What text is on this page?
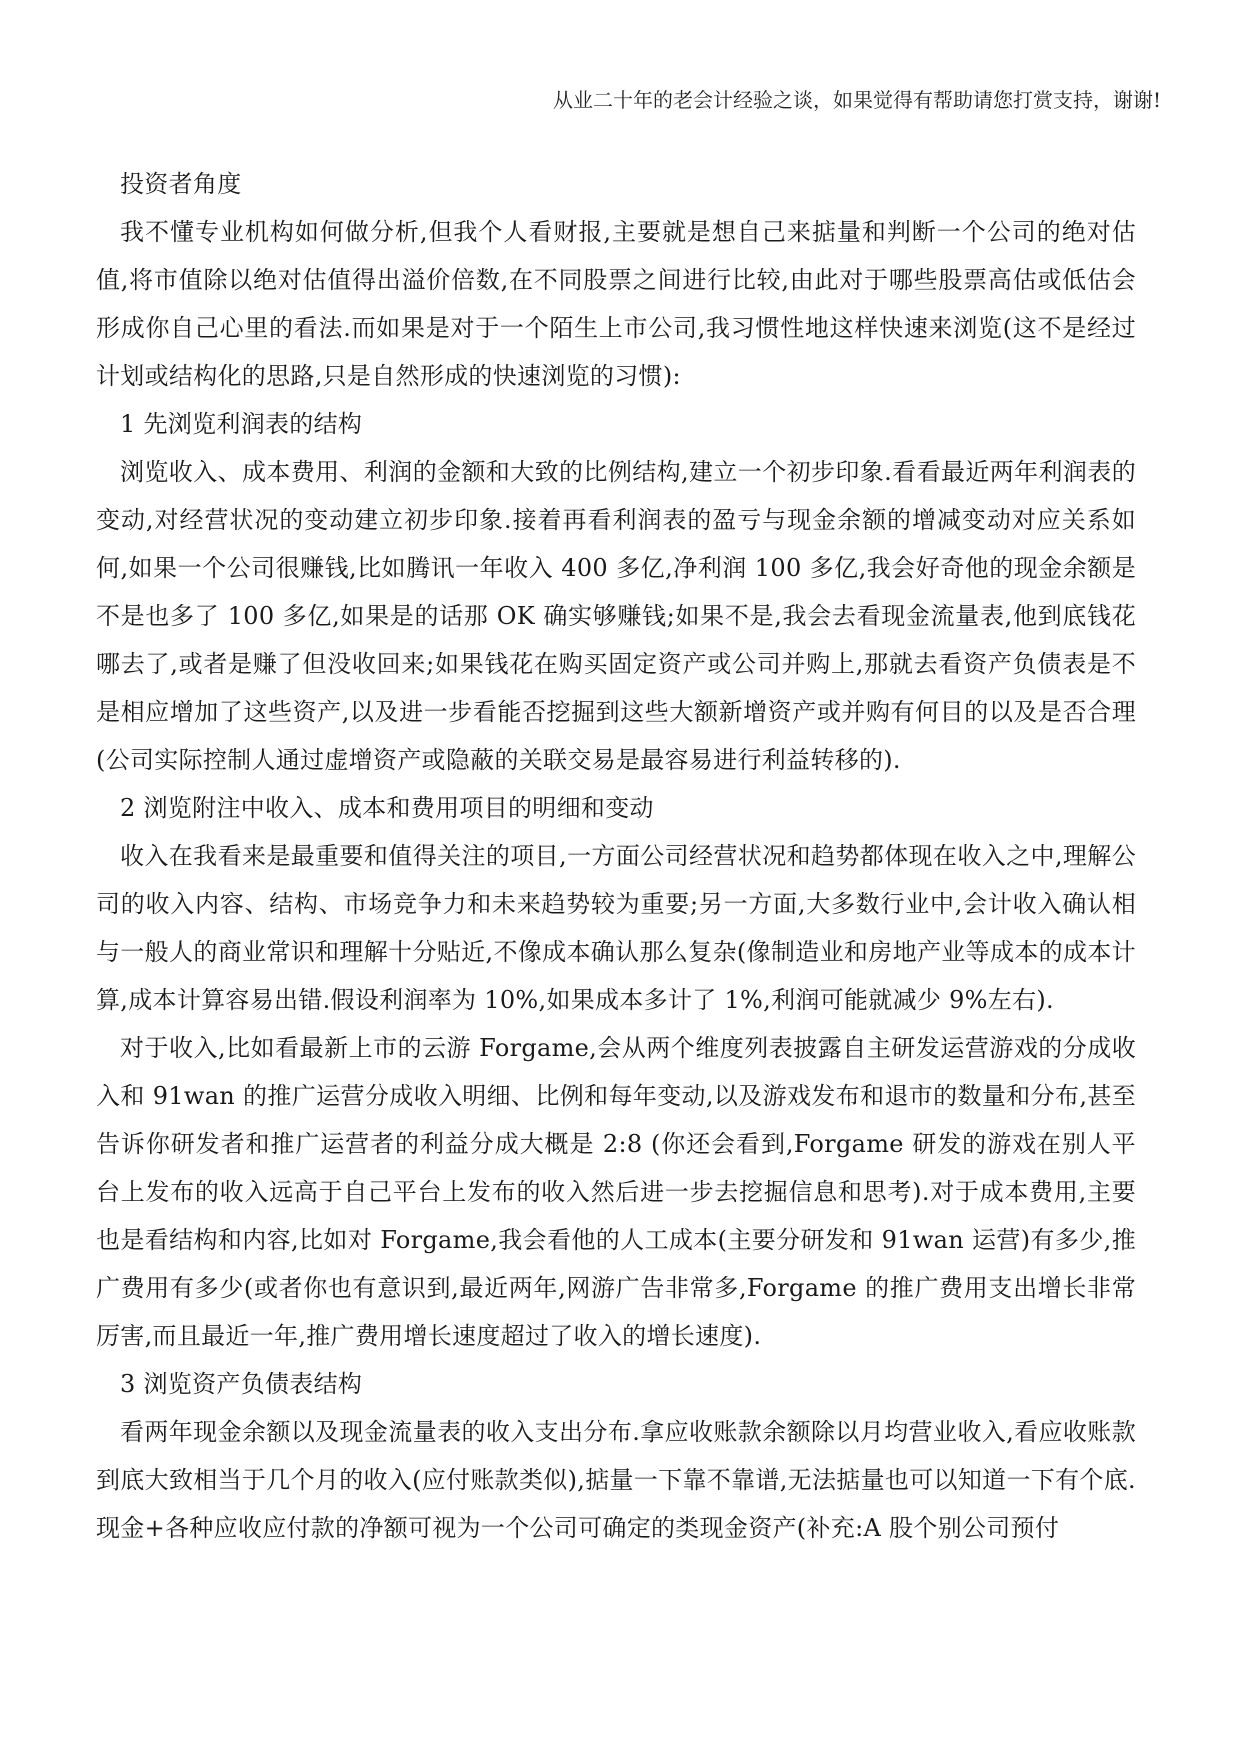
从业二十年的老会计经验之谈，如果觉得有帮助请您打赏支持，谢谢!

投资者角度

我不懂专业机构如何做分析,但我个人看财报,主要就是想自己来掂量和判断一个公司的绝对估值,将市值除以绝对估值得出溢价倍数,在不同股票之间进行比较,由此对于哪些股票高估或低估会形成你自己心里的看法.而如果是对于一个陌生上市公司,我习惯性地这样快速来浏览(这不是经过计划或结构化的思路,只是自然形成的快速浏览的习惯):

1 先浏览利润表的结构

浏览收入、成本费用、利润的金额和大致的比例结构,建立一个初步印象.看看最近两年利润表的变动,对经营状况的变动建立初步印象.接着再看利润表的盈亏与现金余额的增减变动对应关系如何,如果一个公司很赚钱,比如腾讯一年收入 400 多亿,净利润 100 多亿,我会好奇他的现金余额是不是也多了 100 多亿,如果是的话那 OK 确实够赚钱;如果不是,我会去看现金流量表,他到底钱花哪去了,或者是赚了但没收回来;如果钱花在购买固定资产或公司并购上,那就去看资产负债表是不是相应增加了这些资产,以及进一步看能否挖掘到这些大额新增资产或并购有何目的以及是否合理(公司实际控制人通过虚增资产或隐蔽的关联交易是最容易进行利益转移的).

2 浏览附注中收入、成本和费用项目的明细和变动

收入在我看来是最重要和值得关注的项目,一方面公司经营状况和趋势都体现在收入之中,理解公司的收入内容、结构、市场竞争力和未来趋势较为重要;另一方面,大多数行业中,会计收入确认相与一般人的商业常识和理解十分贴近,不像成本确认那么复杂(像制造业和房地产业等成本的成本计算,成本计算容易出错.假设利润率为 10%,如果成本多计了 1%,利润可能就减少 9%左右).

对于收入,比如看最新上市的云游 Forgame,会从两个维度列表披露自主研发运营游戏的分成收入和 91wan 的推广运营分成收入明细、比例和每年变动,以及游戏发布和退市的数量和分布,甚至告诉你研发者和推广运营者的利益分成大概是 2:8 (你还会看到,Forgame 研发的游戏在别人平台上发布的收入远高于自己平台上发布的收入然后进一步去挖掘信息和思考).对于成本费用,主要也是看结构和内容,比如对 Forgame,我会看他的人工成本(主要分研发和 91wan 运营)有多少,推广费用有多少(或者你也有意识到,最近两年,网游广告非常多,Forgame 的推广费用支出增长非常厉害,而且最近一年,推广费用增长速度超过了收入的增长速度).

3 浏览资产负债表结构

看两年现金余额以及现金流量表的收入支出分布.拿应收账款余额除以月均营业收入,看应收账款到底大致相当于几个月的收入(应付账款类似),掂量一下靠不靠谱,无法掂量也可以知道一下有个底.现金+各种应收应付款的净额可视为一个公司可确定的类现金资产(补充:A 股个别公司预付
